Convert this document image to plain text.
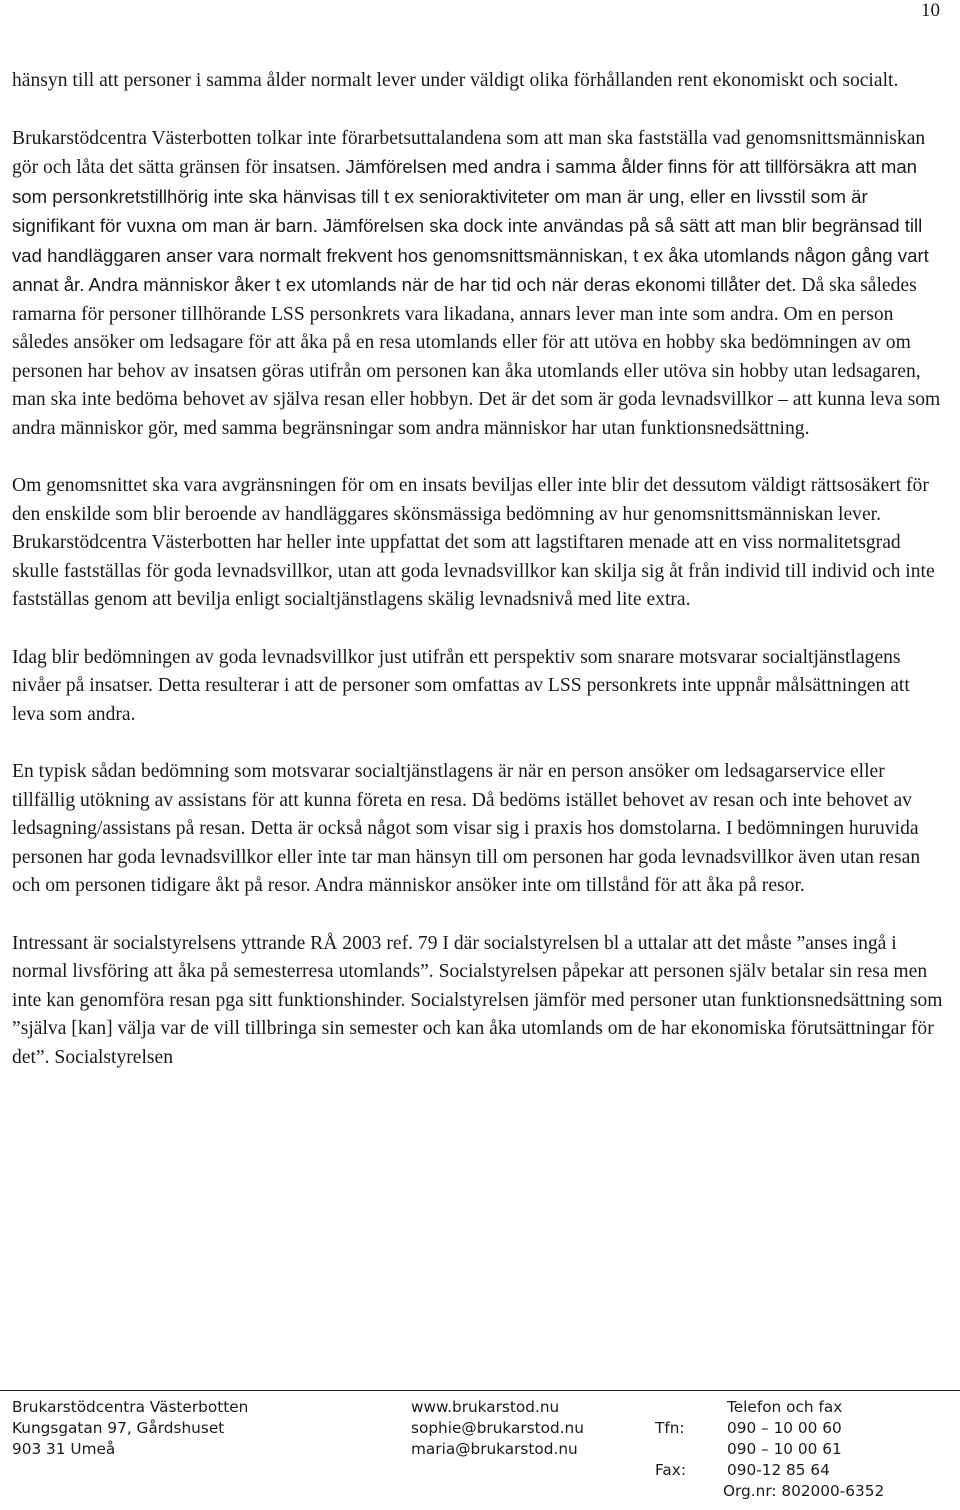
10

hänsyn till att personer i samma ålder normalt lever under väldigt olika förhållanden rent ekonomiskt och socialt.

Brukarstödcentra Västerbotten tolkar inte förarbetsuttalandena som att man ska fastställa vad genomsnittsmänniskan gör och låta det sätta gränsen för insatsen. Jämförelsen med andra i samma ålder finns för att tillförsäkra att man som personkretstillhörig inte ska hänvisas till t ex senioraktiviteter om man är ung, eller en livsstil som är signifikant för vuxna om man är barn. Jämförelsen ska dock inte användas på så sätt att man blir begränsad till vad handläggaren anser vara normalt frekvent hos genomsnittsmänniskan, t ex åka utomlands någon gång vart annat år. Andra människor åker t ex utomlands när de har tid och när deras ekonomi tillåter det. Då ska således ramarna för personer tillhörande LSS personkrets vara likadana, annars lever man inte som andra. Om en person således ansöker om ledsagare för att åka på en resa utomlands eller för att utöva en hobby ska bedömningen av om personen har behov av insatsen göras utifrån om personen kan åka utomlands eller utöva sin hobby utan ledsagaren, man ska inte bedöma behovet av själva resan eller hobbyn. Det är det som är goda levnadsvillkor – att kunna leva som andra människor gör, med samma begränsningar som andra människor har utan funktionsnedsättning.

Om genomsnittet ska vara avgränsningen för om en insats beviljas eller inte blir det dessutom väldigt rättsosäkert för den enskilde som blir beroende av handläggares skönsmässiga bedömning av hur genomsnittsmänniskan lever. Brukarstödcentra Västerbotten har heller inte uppfattat det som att lagstiftaren menade att en viss normalitetsgrad skulle fastställas för goda levnadsvillkor, utan att goda levnadsvillkor kan skilja sig åt från individ till individ och inte fastställas genom att bevilja enligt socialtjänstlagens skälig levnadsnivå med lite extra.

Idag blir bedömningen av goda levnadsvillkor just utifrån ett perspektiv som snarare motsvarar socialtjänstlagens nivåer på insatser. Detta resulterar i att de personer som omfattas av LSS personkrets inte uppnår målsättningen att leva som andra.

En typisk sådan bedömning som motsvarar socialtjänstlagens är när en person ansöker om ledsagarservice eller tillfällig utökning av assistans för att kunna företa en resa. Då bedöms istället behovet av resan och inte behovet av ledsagning/assistans på resan. Detta är också något som visar sig i praxis hos domstolarna. I bedömningen huruvida personen har goda levnadsvillkor eller inte tar man hänsyn till om personen har goda levnadsvillkor även utan resan och om personen tidigare åkt på resor. Andra människor ansöker inte om tillstånd för att åka på resor.

Intressant är socialstyrelsens yttrande RÅ 2003 ref. 79 I där socialstyrelsen bl a uttalar att det måste ”anses ingå i normal livsföring att åka på semesterresa utomlands”. Socialstyrelsen påpekar att personen själv betalar sin resa men inte kan genomföra resan pga sitt funktionshinder. Socialstyrelsen jämför med personer utan funktionsnedsättning som ”själva [kan] välja var de vill tillbringa sin semester och kan åka utomlands om de har ekonomiska förutsättningar för det”. Socialstyrelsen

Brukarstödcentra Västerbotten
Kungsgatan 97, Gårdshuset
903 31 Umeå
www.brukarstod.nu
sophie@brukarstod.nu
maria@brukarstod.nu
Tfn:
Fax:
Telefon och fax
090 – 10 00 60
090 – 10 00 61
090-12 85 64
Org.nr: 802000-6352
